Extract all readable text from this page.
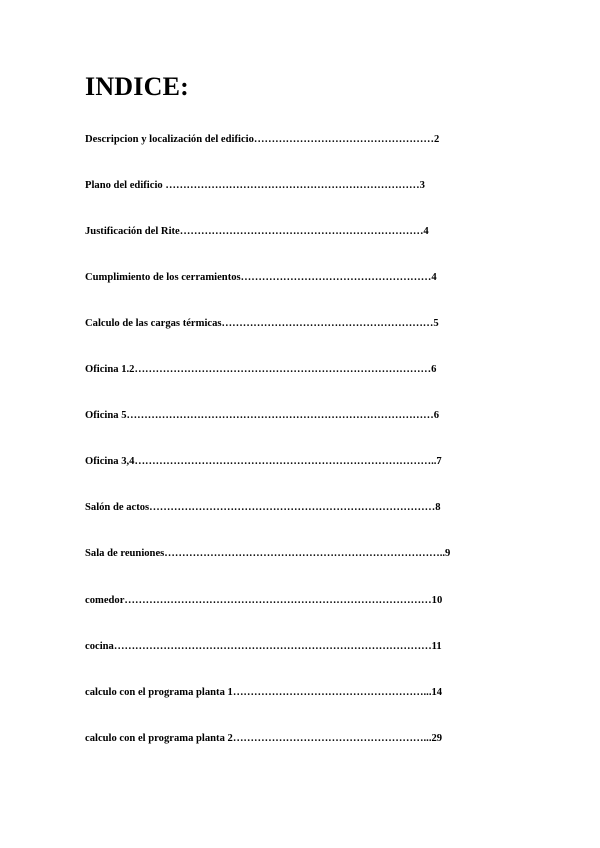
INDICE:
Descripcion y localización del edificio……………………………………………2
Plano del edificio ………………………………………………………………3
Justificación del Rite……………………………………………………………4
Cumplimiento de los cerramientos………………………………………………4
Calculo de las cargas térmicas……………………………………………………5
Oficina 1.2…………………………………………………………………………6
Oficina 5……………………………………………………………………………6
Oficina 3,4…………………………………………………………………………..7
Salón de actos………………………………………………………………………8
Sala de reuniones……………………………………………………………………..9
comedor……………………………………………………………………………10
cocina………………………………………………………………………………11
calculo con el programa planta 1………………………………………………...14
calculo con el programa planta 2………………………………………………...29
